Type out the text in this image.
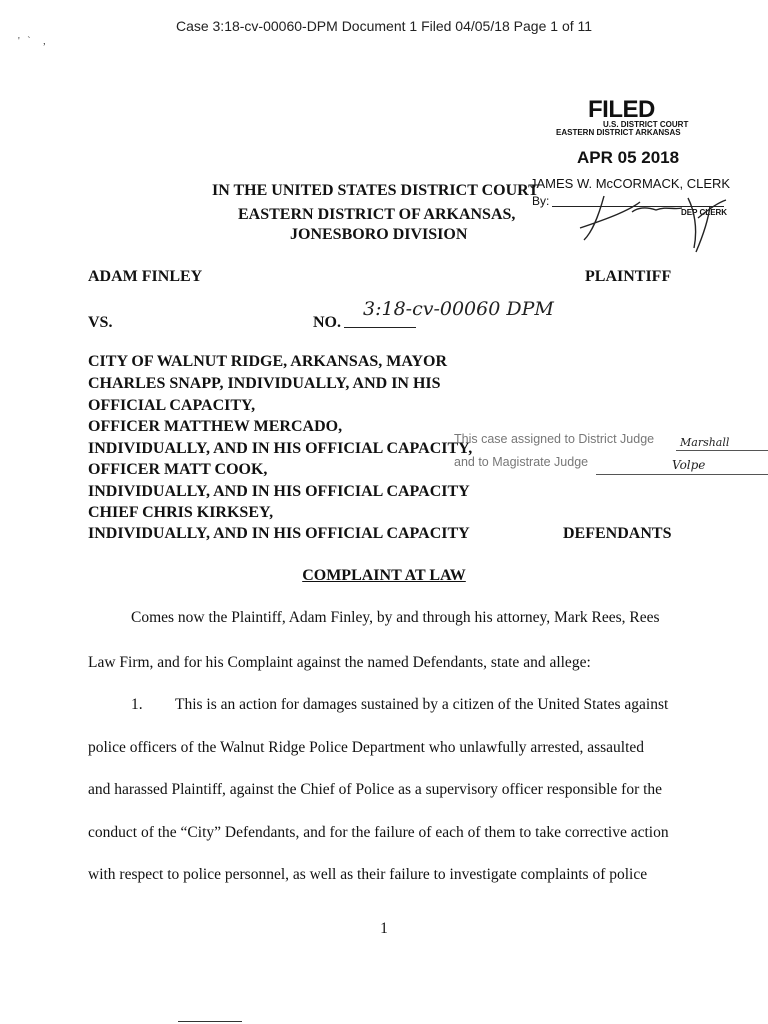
Case 3:18-cv-00060-DPM Document 1 Filed 04/05/18 Page 1 of 11
'   `     ,
FILED
U.S. DISTRICT COURT
EASTERN DISTRICT ARKANSAS
APR 05 2018
JAMES W. McCORMACK, CLERK
By:
DEP CLERK
IN THE UNITED STATES DISTRICT COURT
EASTERN DISTRICT OF ARKANSAS,
JONESBORO DIVISION
ADAM FINLEY	PLAINTIFF
VS.	NO.
3:18-cv-00060 DPM
CITY OF WALNUT RIDGE, ARKANSAS, MAYOR
CHARLES SNAPP, INDIVIDUALLY, AND IN HIS
OFFICIAL CAPACITY,
OFFICER MATTHEW MERCADO,
INDIVIDUALLY, AND IN HIS OFFICIAL CAPACITY,
OFFICER MATT COOK,
INDIVIDUALLY, AND IN HIS OFFICIAL CAPACITY
CHIEF CHRIS KIRKSEY,
INDIVIDUALLY, AND IN HIS OFFICIAL CAPACITY	DEFENDANTS
This case assigned to District Judge Marshall
and to Magistrate Judge	Volpe
COMPLAINT AT LAW
Comes now the Plaintiff, Adam Finley, by and through his attorney, Mark Rees, Rees
Law Firm, and for his Complaint against the named Defendants, state and allege:
1. This is an action for damages sustained by a citizen of the United States against
police officers of the Walnut Ridge Police Department who unlawfully arrested, assaulted
and harassed Plaintiff, against the Chief of Police as a supervisory officer responsible for the
conduct of the “City” Defendants, and for the failure of each of them to take corrective action
with respect to police personnel, as well as their failure to investigate complaints of police
1
